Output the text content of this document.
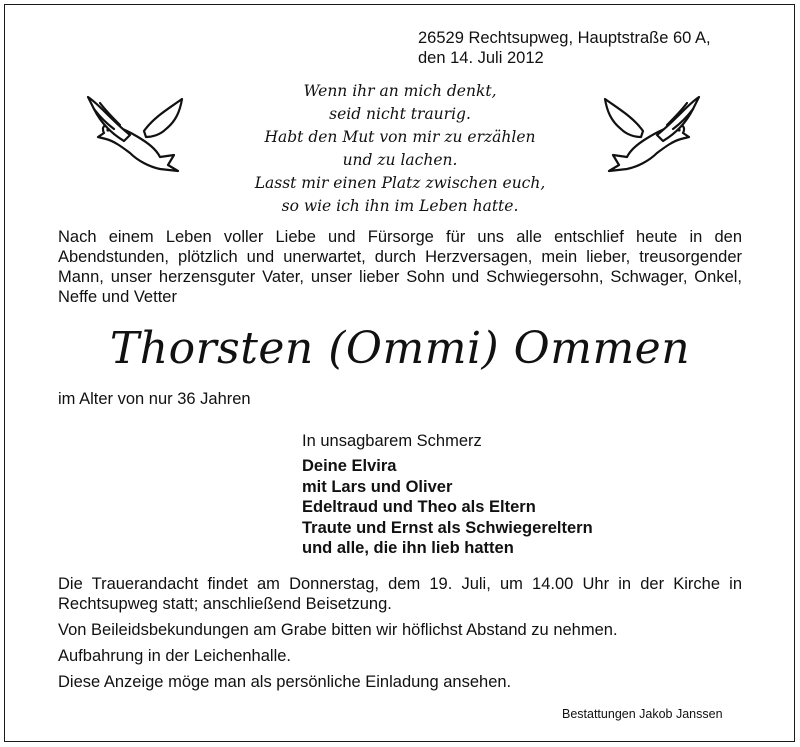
26529 Rechtsupweg, Hauptstraße 60 A,
den 14. Juli 2012
Wenn ihr an mich denkt,
seid nicht traurig.
Habt den Mut von mir zu erzählen
und zu lachen.
Lasst mir einen Platz zwischen euch,
so wie ich ihn im Leben hatte.

Nach einem Leben voller Liebe und Fürsorge für uns alle entschlief heute in den Abendstunden, plötzlich und unerwartet, durch Herzversagen, mein lieber, treusorgender Mann, unser herzensguter Vater, unser lieber Sohn und Schwiegersohn, Schwager, Onkel, Neffe und Vetter

Thorsten (Ommi) Ommen
im Alter von nur 36 Jahren
In unsagbarem Schmerz
Deine Elvira
mit Lars und Oliver
Edeltraud und Theo als Eltern
Traute und Ernst als Schwiegereltern
und alle, die ihn lieb hatten

Die Trauerandacht findet am Donnerstag, dem 19. Juli, um 14.00 Uhr in der Kirche in Rechtsupweg statt; anschließend Beisetzung.

Von Beileidsbekundungen am Grabe bitten wir höflichst Abstand zu nehmen.

Aufbahrung in der Leichenhalle.

Diese Anzeige möge man als persönliche Einladung ansehen.

Bestattungen Jakob Janssen
